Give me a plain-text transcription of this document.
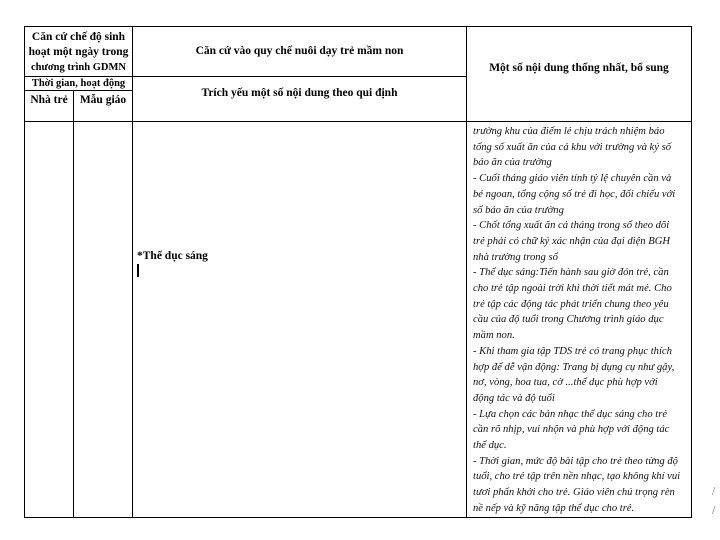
Căn cứ chế độ sinh
hoạt một ngày trong
chương trình GDMN
Thời gian, hoạt động
Nhà trẻ	Mẫu giáo
Căn cứ vào quy chế nuôi dạy trẻ mầm non
Trích yếu một số nội dung theo qui định
Một số nội dung thống nhất, bổ sung
*Thể dục sáng
trường khu của điểm lẻ chịu trách nhiệm báo
tổng số xuất ăn của cả khu với trường và ký số
báo ăn của trường
- Cuối tháng giáo viên tính tỷ lệ chuyên cần và
bé ngoan, tổng cộng số trẻ đi học, đối chiếu với
sổ báo ăn của trường
- Chốt tổng xuất ăn cả tháng trong sổ theo dõi
trẻ phải có chữ ký xác nhận của đại diện BGH
nhà trường trong sổ
- Thể dục sáng:Tiến hành sau giờ đón trẻ, cần
cho trẻ tập ngoài trời khi thời tiết mát mẻ. Cho
trẻ tập các động tác phát triển chung theo yêu
cầu của độ tuổi trong Chương trình giáo dục
mầm non.
- Khi tham gia tập TDS trẻ có trang phục thích
hợp để dễ vận động: Trang bị dụng cụ như gậy,
nơ, vòng, hoa tua, cờ ...thể dục phù hợp với
động tác và độ tuổi
- Lựa chọn các bản nhạc thể dục sáng cho trẻ
cần rõ nhịp, vui nhộn và phù hợp với động tác
thể dục.
- Thời gian, mức độ bài tập cho trẻ theo từng độ
tuổi, cho trẻ tập trên nền nhạc, tạo không khí vui
tươi phấn khởi cho trẻ. Giáo viên chú trọng rèn
nề nếp và kỹ năng tập thể dục cho trẻ.
/
/
